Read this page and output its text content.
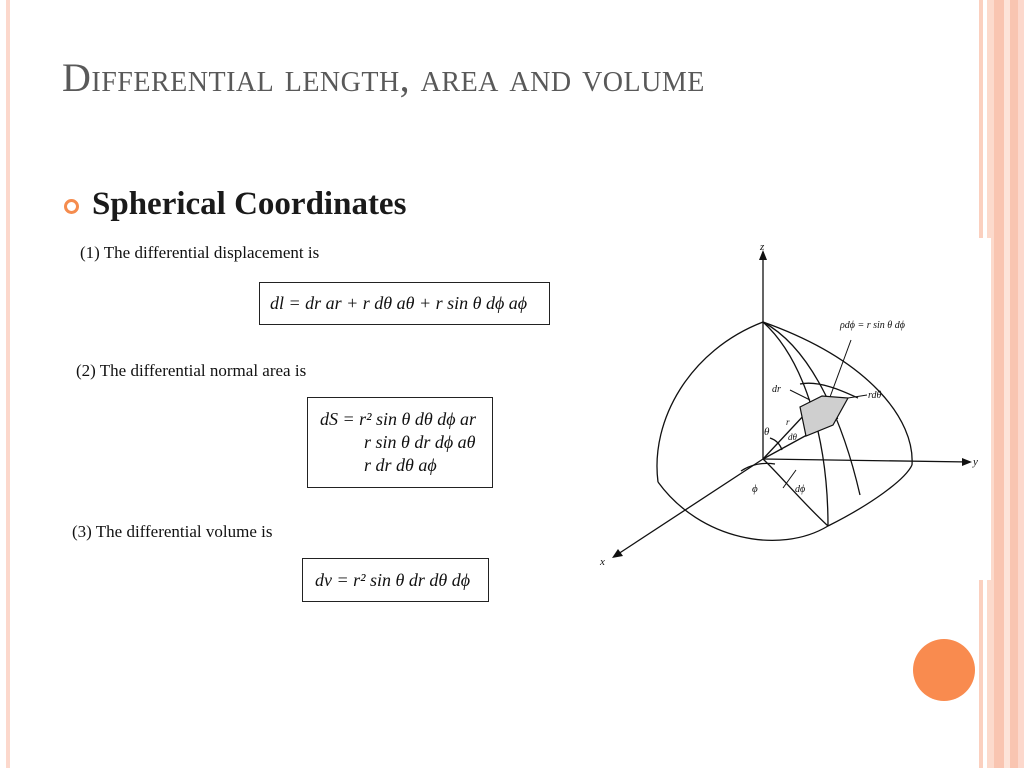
Differential length, area and volume
Spherical Coordinates
(1) The differential displacement is
dl = dr ar + r dθ aθ + r sin θ dϕ aϕ
(2) The differential normal area is
dS = r² sin θ dθ dϕ ar
r sin θ dr dϕ aθ
r dr dθ aϕ
(3) The differential volume is
dv = r² sin θ dr dθ dϕ
z
y
x
ρdϕ = r sin θ dϕ
dr
rdθ
θ
r
dθ
ϕ	dϕ
